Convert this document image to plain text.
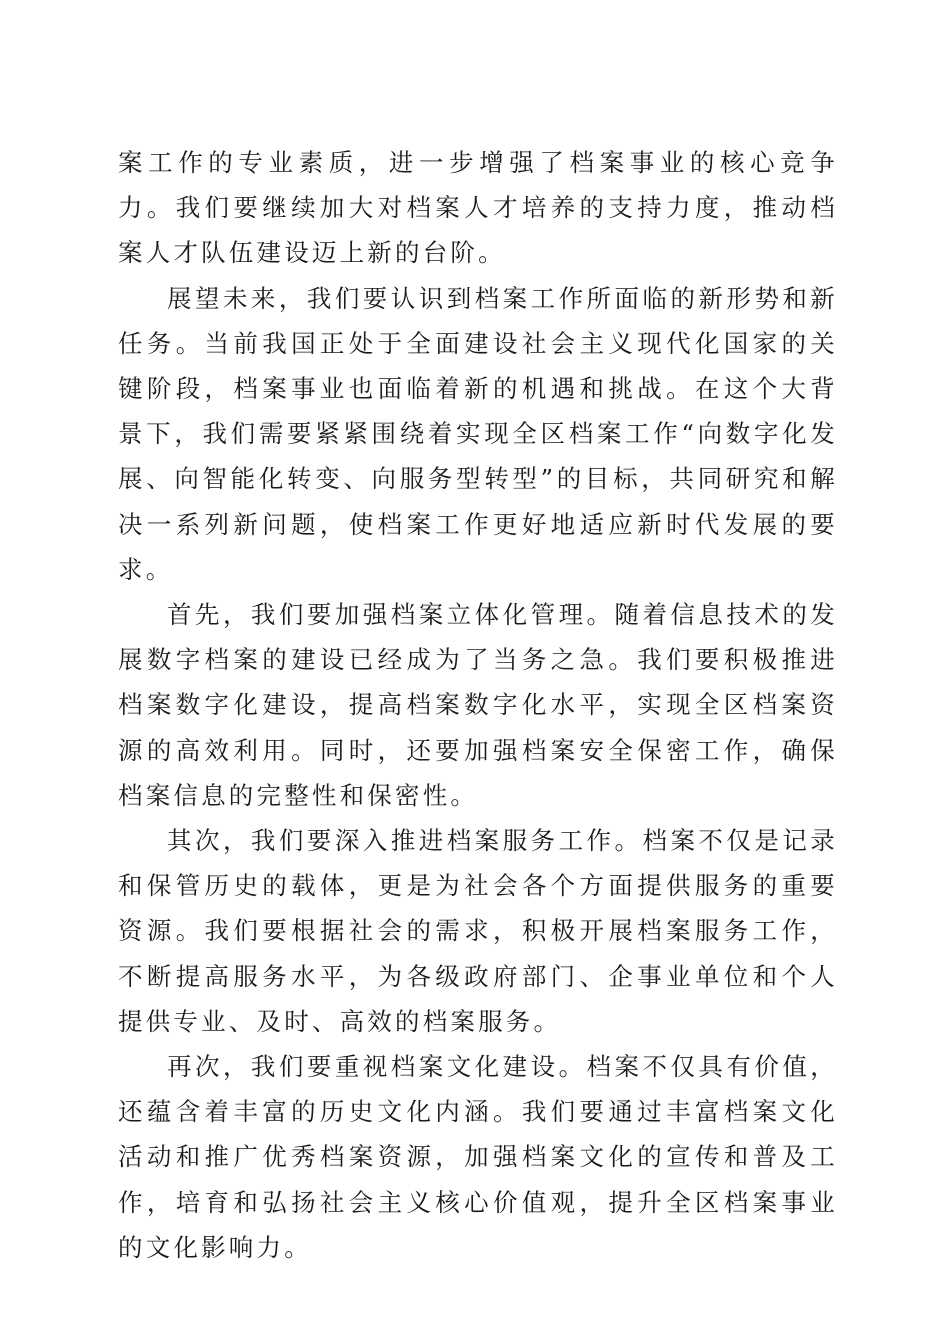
案工作的专业素质，进一步增强了档案事业的核心竞争力。我们要继续加大对档案人才培养的支持力度，推动档案人才队伍建设迈上新的台阶。

展望未来，我们要认识到档案工作所面临的新形势和新任务。当前我国正处于全面建设社会主义现代化国家的关键阶段，档案事业也面临着新的机遇和挑战。在这个大背景下，我们需要紧紧围绕着实现全区档案工作“向数字化发展、向智能化转变、向服务型转型”的目标，共同研究和解决一系列新问题，使档案工作更好地适应新时代发展的要求。

首先，我们要加强档案立体化管理。随着信息技术的发展数字档案的建设已经成为了当务之急。我们要积极推进档案数字化建设，提高档案数字化水平，实现全区档案资源的高效利用。同时，还要加强档案安全保密工作，确保档案信息的完整性和保密性。

其次，我们要深入推进档案服务工作。档案不仅是记录和保管历史的载体，更是为社会各个方面提供服务的重要资源。我们要根据社会的需求，积极开展档案服务工作，不断提高服务水平，为各级政府部门、企事业单位和个人提供专业、及时、高效的档案服务。

再次，我们要重视档案文化建设。档案不仅具有价值，还蕴含着丰富的历史文化内涵。我们要通过丰富档案文化活动和推广优秀档案资源，加强档案文化的宣传和普及工作，培育和弘扬社会主义核心价值观，提升全区档案事业的文化影响力。
